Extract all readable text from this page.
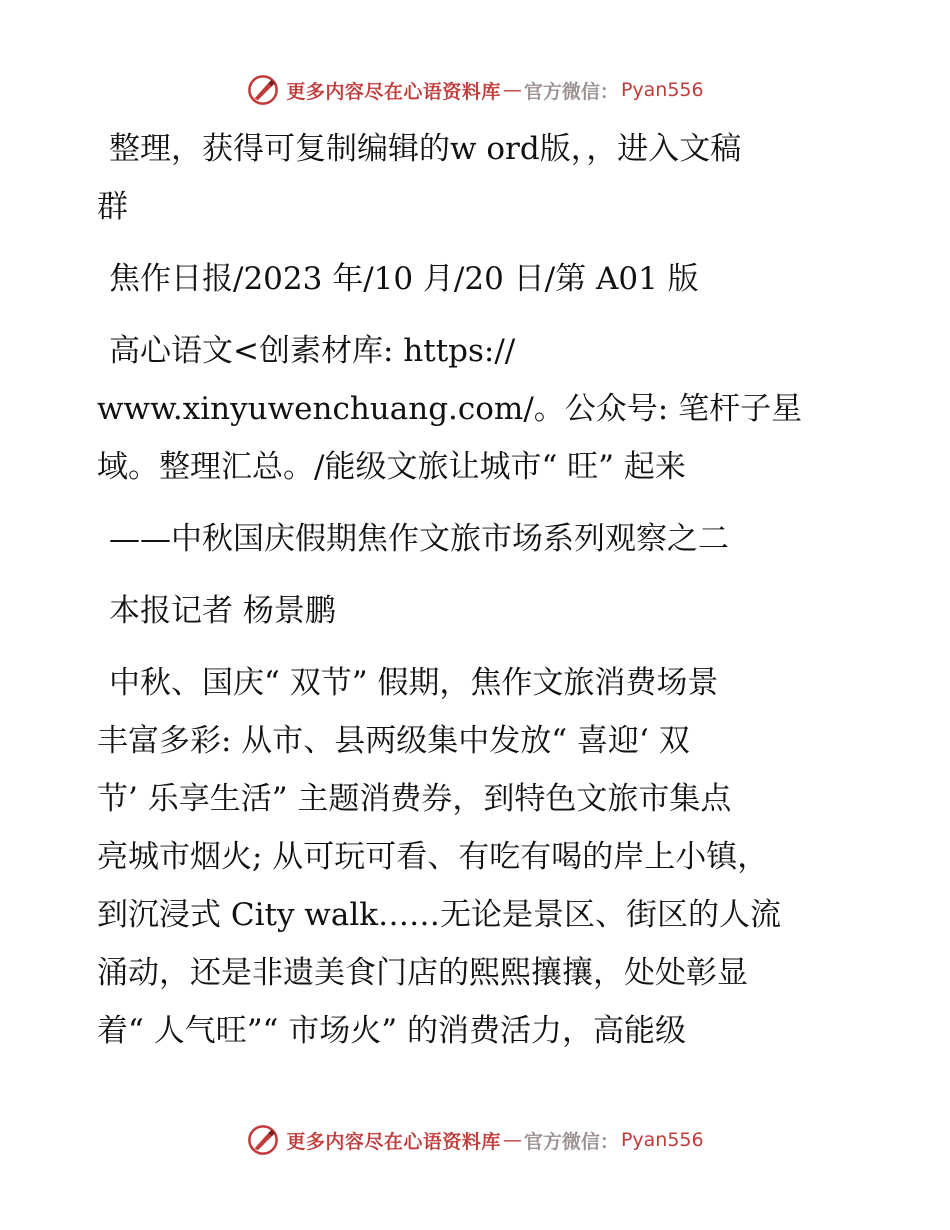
更多内容尽在心语资料库 — 官方微信： Pyan556
整理，获得可复制编辑的w ord版，，进入文稿
群
焦作日报/2023 年/10 月/20 日/第 A01 版
高心语文<创素材库: https://
www.xinyuwenchuang.com/。公众号: 笔杆子星
域。整理汇总。/能级文旅让城市“ 旺” 起来
——中秋国庆假期焦作文旅市场系列观察之二
本报记者 杨景鹏
中秋、国庆“ 双节” 假期，焦作文旅消费场景
丰富多彩: 从市、县两级集中发放“ 喜迎‘ 双
节’ 乐享生活” 主题消费券，到特色文旅市集点
亮城市烟火; 从可玩可看、有吃有喝的岸上小镇，
到沉浸式 City walk……无论是景区、街区的人流
涌动，还是非遗美食门店的熙熙攘攘，处处彰显
着“ 人气旺”“ 市场火” 的消费活力，高能级
更多内容尽在心语资料库 — 官方微信： Pyan556
